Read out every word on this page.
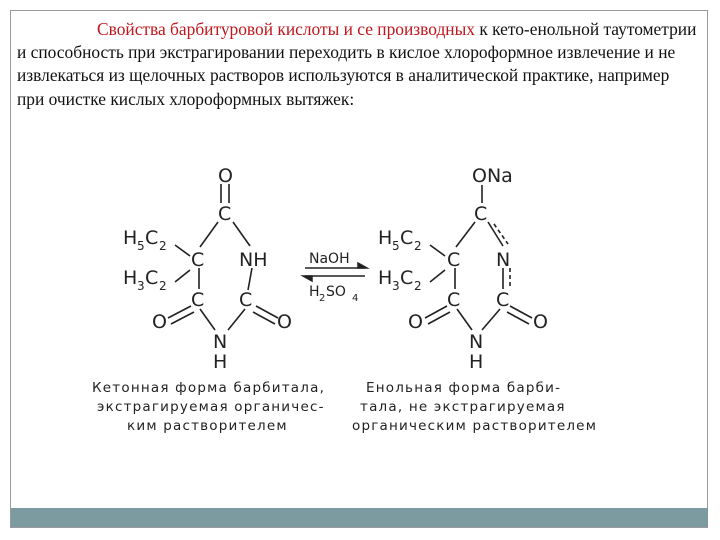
Свойства барбитуровой кислоты и се производных к кето-енольной таутометрии и способность при экстрагировании переходить в кислое хлороформное извлечение и не извлекаться из щелочных растворов используются в аналитической практике, например при очистке кислых хлороформных вытяжек:
O
C
C NH
C C
O	O
N
H
H 5 C 2
H 3 C 2
NaOH
H 2 SO 4
ONa
C
C N
C C
O	O
N
H
H 5 C 2
H 3 C 2
Кетонная форма барбитала,
экстрагируемая органичес-
ким растворителем
Енольная форма барби-
тала, не экстрагируемая
органическим растворителем
